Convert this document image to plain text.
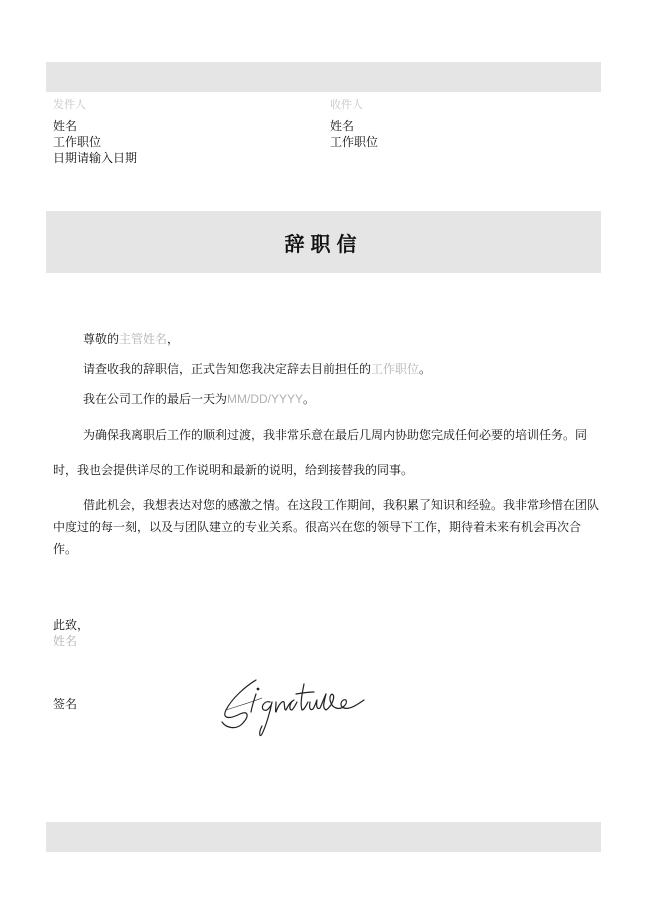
发件人
姓名
工作职位
日期请输入日期
收件人
姓名
工作职位
辞职信

尊敬的主管姓名，

请查收我的辞职信，正式告知您我决定辞去目前担任的工作职位。

我在公司工作的最后一天为MM/DD/YYYY。

为确保我离职后工作的顺利过渡，我非常乐意在最后几周内协助您完成任何必要的培训任务。同时，我也会提供详尽的工作说明和最新的说明，给到接替我的同事。

借此机会，我想表达对您的感激之情。在这段工作期间，我积累了知识和经验。我非常珍惜在团队中度过的每一刻，以及与团队建立的专业关系。很高兴在您的领导下工作，期待着未来有机会再次合作。

此致，
姓名
签名
